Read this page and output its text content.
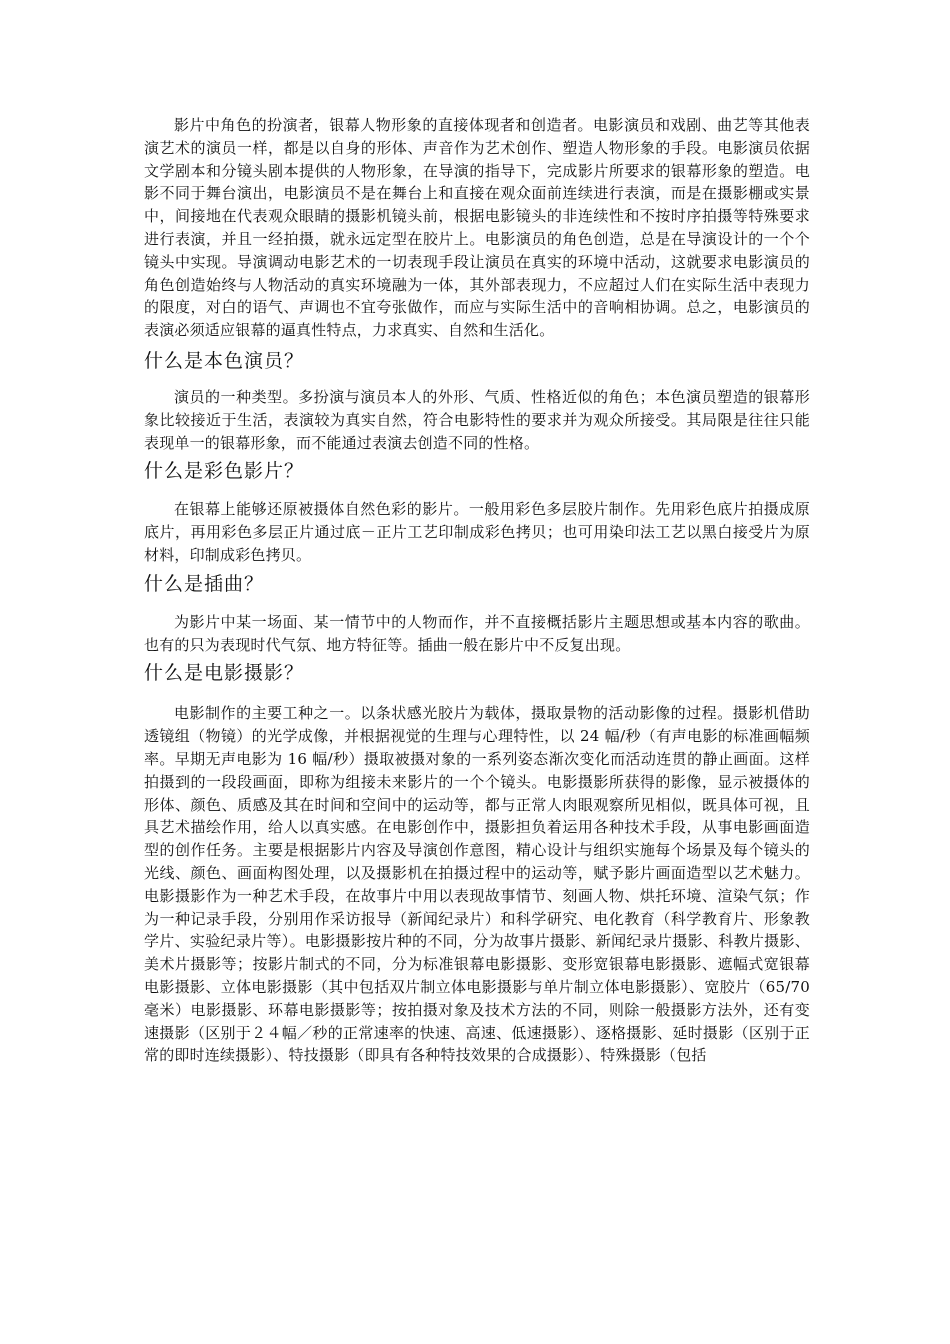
影片中角色的扮演者，银幕人物形象的直接体现者和创造者。电影演员和戏剧、曲艺等其他表演艺术的演员一样，都是以自身的形体、声音作为艺术创作、塑造人物形象的手段。电影演员依据文学剧本和分镜头剧本提供的人物形象，在导演的指导下，完成影片所要求的银幕形象的塑造。电影不同于舞台演出，电影演员不是在舞台上和直接在观众面前连续进行表演，而是在摄影棚或实景中，间接地在代表观众眼睛的摄影机镜头前，根据电影镜头的非连续性和不按时序拍摄等特殊要求进行表演，并且一经拍摄，就永远定型在胶片上。电影演员的角色创造，总是在导演设计的一个个镜头中实现。导演调动电影艺术的一切表现手段让演员在真实的环境中活动，这就要求电影演员的角色创造始终与人物活动的真实环境融为一体，其外部表现力，不应超过人们在实际生活中表现力的限度，对白的语气、声调也不宜夸张做作，而应与实际生活中的音响相协调。总之，电影演员的表演必须适应银幕的逼真性特点，力求真实、自然和生活化。

什么是本色演员？

演员的一种类型。多扮演与演员本人的外形、气质、性格近似的角色；本色演员塑造的银幕形象比较接近于生活，表演较为真实自然，符合电影特性的要求并为观众所接受。其局限是往往只能表现单一的银幕形象，而不能通过表演去创造不同的性格。

什么是彩色影片？

在银幕上能够还原被摄体自然色彩的影片。一般用彩色多层胶片制作。先用彩色底片拍摄成原底片，再用彩色多层正片通过底－正片工艺印制成彩色拷贝；也可用染印法工艺以黑白接受片为原材料，印制成彩色拷贝。

什么是插曲？

为影片中某一场面、某一情节中的人物而作，并不直接概括影片主题思想或基本内容的歌曲。也有的只为表现时代气氛、地方特征等。插曲一般在影片中不反复出现。

什么是电影摄影？

电影制作的主要工种之一。以条状感光胶片为载体，摄取景物的活动影像的过程。摄影机借助透镜组（物镜）的光学成像，并根据视觉的生理与心理特性，以 24 幅/秒（有声电影的标准画幅频率。早期无声电影为 16 幅/秒）摄取被摄对象的一系列姿态渐次变化而活动连贯的静止画面。这样拍摄到的一段段画面，即称为组接未来影片的一个个镜头。电影摄影所获得的影像，显示被摄体的形体、颜色、质感及其在时间和空间中的运动等，都与正常人肉眼观察所见相似，既具体可视，且具艺术描绘作用，给人以真实感。在电影创作中，摄影担负着运用各种技术手段，从事电影画面造型的创作任务。主要是根据影片内容及导演创作意图，精心设计与组织实施每个场景及每个镜头的光线、颜色、画面构图处理，以及摄影机在拍摄过程中的运动等，赋予影片画面造型以艺术魅力。电影摄影作为一种艺术手段，在故事片中用以表现故事情节、刻画人物、烘托环境、渲染气氛；作为一种记录手段，分别用作采访报导（新闻纪录片）和科学研究、电化教育（科学教育片、形象教学片、实验纪录片等）。电影摄影按片种的不同，分为故事片摄影、新闻纪录片摄影、科教片摄影、美术片摄影等；按影片制式的不同，分为标准银幕电影摄影、变形宽银幕电影摄影、遮幅式宽银幕电影摄影、立体电影摄影（其中包括双片制立体电影摄影与单片制立体电影摄影）、宽胶片（65/70 毫米）电影摄影、环幕电影摄影等；按拍摄对象及技术方法的不同，则除一般摄影方法外，还有变速摄影（区别于２４幅／秒的正常速率的快速、高速、低速摄影）、逐格摄影、延时摄影（区别于正常的即时连续摄影）、特技摄影（即具有各种特技效果的合成摄影）、特殊摄影（包括
